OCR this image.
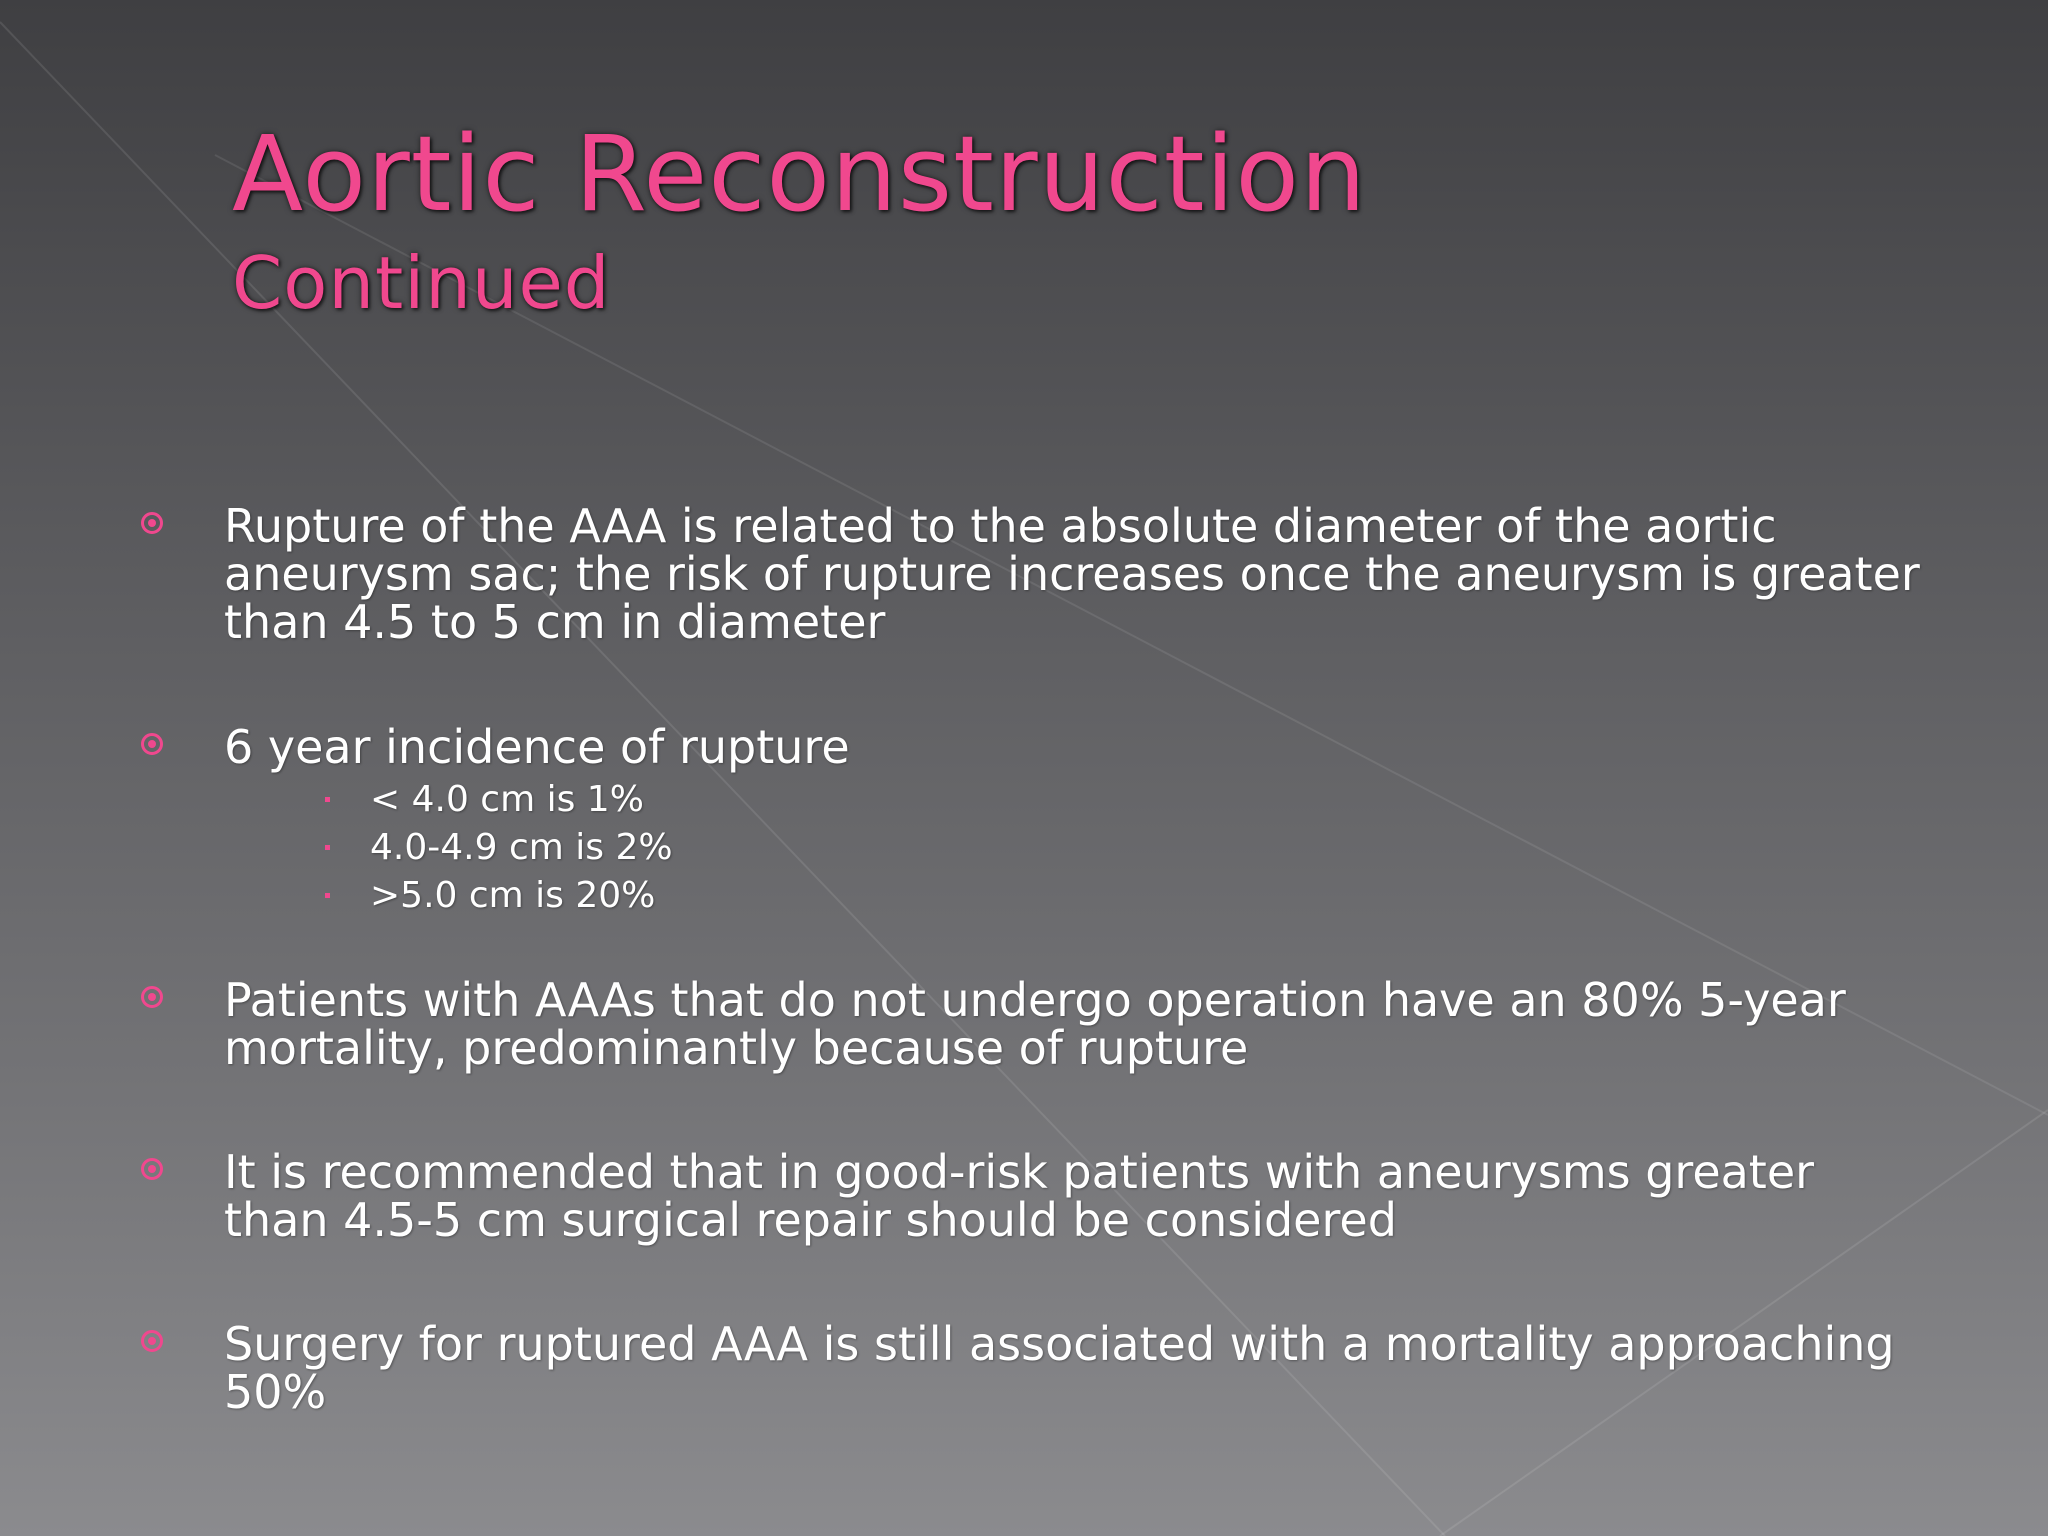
Aortic Reconstruction
Continued
Rupture of the AAA is related to the absolute diameter of the aortic aneurysm sac; the risk of rupture increases once the aneurysm is greater than 4.5 to 5 cm in diameter
6 year incidence of rupture
< 4.0 cm is 1%
4.0-4.9 cm is 2%
>5.0 cm is 20%
Patients with AAAs that do not undergo operation have an 80% 5-year mortality, predominantly because of rupture
It is recommended that in good-risk patients with aneurysms greater than 4.5-5 cm surgical repair should be considered
Surgery for ruptured AAA is still associated with a mortality approaching 50%
